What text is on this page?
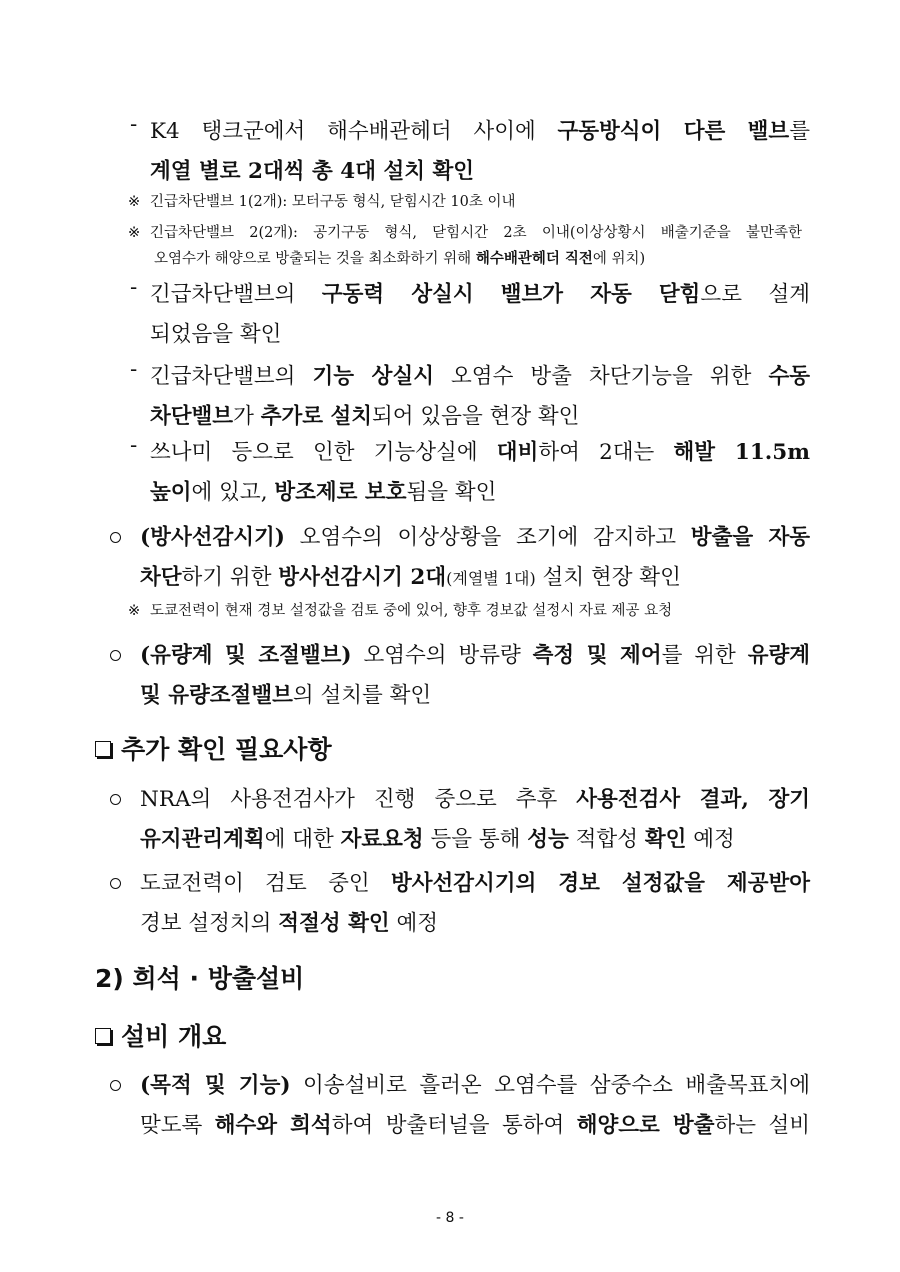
- K4 탱크군에서 해수배관헤더 사이에 구동방식이 다른 밸브를
계열 별로 2대씩 총 4대 설치 확인
※ 긴급차단밸브 1(2개): 모터구동 형식, 닫힘시간 10초 이내
※ 긴급차단밸브 2(2개): 공기구동 형식, 닫힘시간 2초 이내(이상상황시 배출기준을 불만족한
오염수가 해양으로 방출되는 것을 최소화하기 위해 해수배관헤더 직전에 위치)
- 긴급차단밸브의 구동력 상실시 밸브가 자동 닫힘으로 설계
되었음을 확인
- 긴급차단밸브의 기능 상실시 오염수 방출 차단기능을 위한 수동
차단밸브가 추가로 설치되어 있음을 현장 확인
- 쓰나미 등으로 인한 기능상실에 대비하여 2대는 해발 11.5m
높이에 있고, 방조제로 보호됨을 확인
(방사선감시기) 오염수의 이상상황을 조기에 감지하고 방출을 자동
차단하기 위한 방사선감시기 2대(계열별 1대) 설치 현장 확인
※ 도쿄전력이 현재 경보 설정값을 검토 중에 있어, 향후 경보값 설정시 자료 제공 요청
(유량계 및 조절밸브) 오염수의 방류량 측정 및 제어를 위한 유량계
및 유량조절밸브의 설치를 확인
추가 확인 필요사항
NRA의 사용전검사가 진행 중으로 추후 사용전검사 결과, 장기
유지관리계획에 대한 자료요청 등을 통해 성능 적합성 확인 예정
도쿄전력이 검토 중인 방사선감시기의 경보 설정값을 제공받아
경보 설정치의 적절성 확인 예정
2) 희석 · 방출설비
설비 개요
(목적 및 기능) 이송설비로 흘러온 오염수를 삼중수소 배출목표치에
맞도록 해수와 희석하여 방출터널을 통하여 해양으로 방출하는 설비
- 8 -
